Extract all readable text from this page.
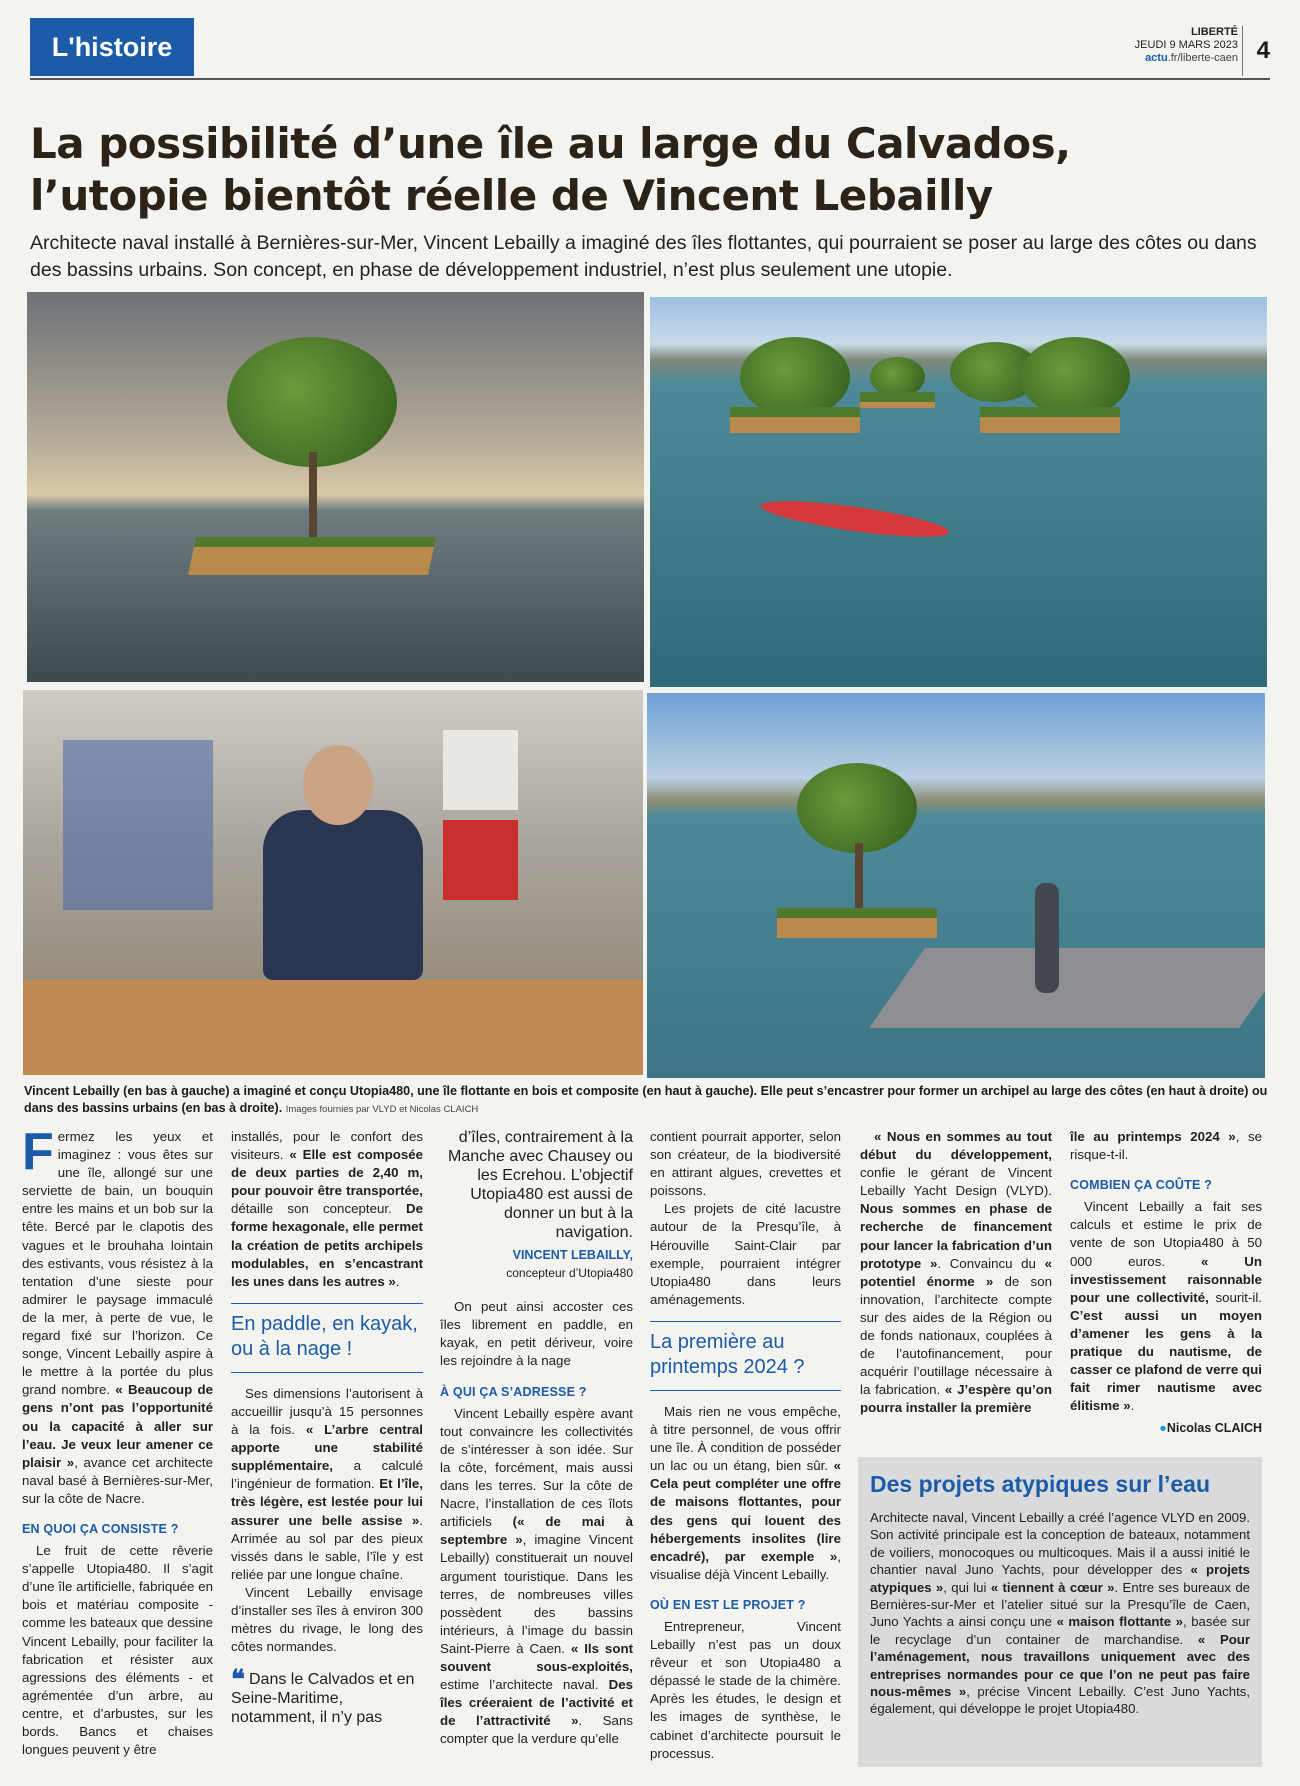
L'histoire	LIBERTÉ
JEUDI 9 MARS 2023
actu.fr/liberte-caen 4
La possibilité d’une île au large du Calvados,
l’utopie bientôt réelle de Vincent Lebailly

Architecte naval installé à Bernières-sur-Mer, Vincent Lebailly a imaginé des îles flottantes, qui pourraient se poser au large des côtes ou dans des bassins urbains. Son concept, en phase de développement industriel, n’est plus seulement une utopie.

Vincent Lebailly (en bas à gauche) a imaginé et conçu Utopia480, une île flottante en bois et composite (en haut à gauche). Elle peut s’encastrer pour former un archipel au large des côtes (en haut à droite) ou dans des bassins urbains (en bas à droite). Images fournies par VLYD et Nicolas CLAICH

Fermez les yeux et imaginez : vous êtes sur une île, allongé sur une serviette de bain, un bouquin entre les mains et un bob sur la tête. Bercé par le clapotis des vagues et le brouhaha lointain des estivants, vous résistez à la tentation d’une sieste pour admirer le paysage immaculé de la mer, à perte de vue, le regard fixé sur l’horizon. Ce songe, Vincent Lebailly aspire à le mettre à la portée du plus grand nombre. « Beaucoup de gens n’ont pas l’opportunité ou la capacité à aller sur l’eau. Je veux leur amener ce plaisir », avance cet architecte naval basé à Bernières-sur-Mer, sur la côte de Nacre.

EN QUOI ÇA CONSISTE ?

Le fruit de cette rêverie s’appelle Utopia480. Il s’agit d’une île artificielle, fabriquée en bois et matériau composite - comme les bateaux que dessine Vincent Lebailly, pour faciliter la fabrication et résister aux agressions des éléments - et agrémentée d’un arbre, au centre, et d’arbustes, sur les bords. Bancs et chaises longues peuvent y être

installés, pour le confort des visiteurs. « Elle est composée de deux parties de 2,40 m, pour pouvoir être transportée, détaille son concepteur. De forme hexagonale, elle permet la création de petits archipels modulables, en s’encastrant les unes dans les autres ».

En paddle, en kayak, ou à la nage !

Ses dimensions l’autorisent à accueillir jusqu’à 15 personnes à la fois. « L’arbre central apporte une stabilité supplémentaire, a calculé l’ingénieur de formation. Et l’île, très légère, est lestée pour lui assurer une belle assise ». Arrimée au sol par des pieux vissés dans le sable, l’île y est reliée par une longue chaîne.

Vincent Lebailly envisage d’installer ses îles à environ 300 mètres du rivage, le long des côtes normandes.

❝ Dans le Calvados et en Seine-Maritime, notamment, il n’y pas
d’îles, contrairement à la Manche avec Chausey ou les Ecrehou. L’objectif Utopia480 est aussi de donner un but à la navigation.
VINCENT LEBAILLY,
concepteur d’Utopia480

On peut ainsi accoster ces îles librement en paddle, en kayak, en petit dériveur, voire les rejoindre à la nage

À QUI ÇA S’ADRESSE ?

Vincent Lebailly espère avant tout convaincre les collectivités de s’intéresser à son idée. Sur la côte, forcément, mais aussi dans les terres. Sur la côte de Nacre, l’installation de ces îlots artificiels (« de mai à septembre », imagine Vincent Lebailly) constituerait un nouvel argument touristique. Dans les terres, de nombreuses villes possèdent des bassins intérieurs, à l’image du bassin Saint-Pierre à Caen. « Ils sont souvent sous-exploités, estime l’architecte naval. Des îles créeraient de l’activité et de l’attractivité ». Sans compter que la verdure qu’elle

contient pourrait apporter, selon son créateur, de la biodiversité en attirant algues, crevettes et poissons.

Les projets de cité lacustre autour de la Presqu’île, à Hérouville Saint-Clair par exemple, pourraient intégrer Utopia480 dans leurs aménagements.

La première au printemps 2024 ?

Mais rien ne vous empêche, à titre personnel, de vous offrir une île. À condition de posséder un lac ou un étang, bien sûr. « Cela peut compléter une offre de maisons flottantes, pour des gens qui louent des hébergements insolites (lire encadré), par exemple », visualise déjà Vincent Lebailly.

OÙ EN EST LE PROJET ?

Entrepreneur, Vincent Lebailly n’est pas un doux rêveur et son Utopia480 a dépassé le stade de la chimère. Après les études, le design et les images de synthèse, le cabinet d’architecte poursuit le processus.

« Nous en sommes au tout début du développement, confie le gérant de Vincent Lebailly Yacht Design (VLYD). Nous sommes en phase de recherche de financement pour lancer la fabrication d’un prototype ». Convaincu du « potentiel énorme » de son innovation, l’architecte compte sur des aides de la Région ou de fonds nationaux, couplées à de l’autofinancement, pour acquérir l’outillage nécessaire à la fabrication. « J’espère qu’on pourra installer la première

île au printemps 2024 », se risque-t-il.

COMBIEN ÇA COÛTE ?

Vincent Lebailly a fait ses calculs et estime le prix de vente de son Utopia480 à 50 000 euros. « Un investissement raisonnable pour une collectivité, sourit-il. C’est aussi un moyen d’amener les gens à la pratique du nautisme, de casser ce plafond de verre qui fait rimer nautisme avec élitisme ».

●Nicolas CLAICH
Des projets atypiques sur l’eau

Architecte naval, Vincent Lebailly a créé l’agence VLYD en 2009. Son activité principale est la conception de bateaux, notamment de voiliers, monocoques ou multicoques. Mais il a aussi initié le chantier naval Juno Yachts, pour développer des « projets atypiques », qui lui « tiennent à cœur ». Entre ses bureaux de Bernières-sur-Mer et l’atelier situé sur la Presqu’île de Caen, Juno Yachts a ainsi conçu une « maison flottante », basée sur le recyclage d’un container de marchandise. « Pour l’aménagement, nous travaillons uniquement avec des entreprises normandes pour ce que l’on ne peut pas faire nous-mêmes », précise Vincent Lebailly. C’est Juno Yachts, également, qui développe le projet Utopia480.
